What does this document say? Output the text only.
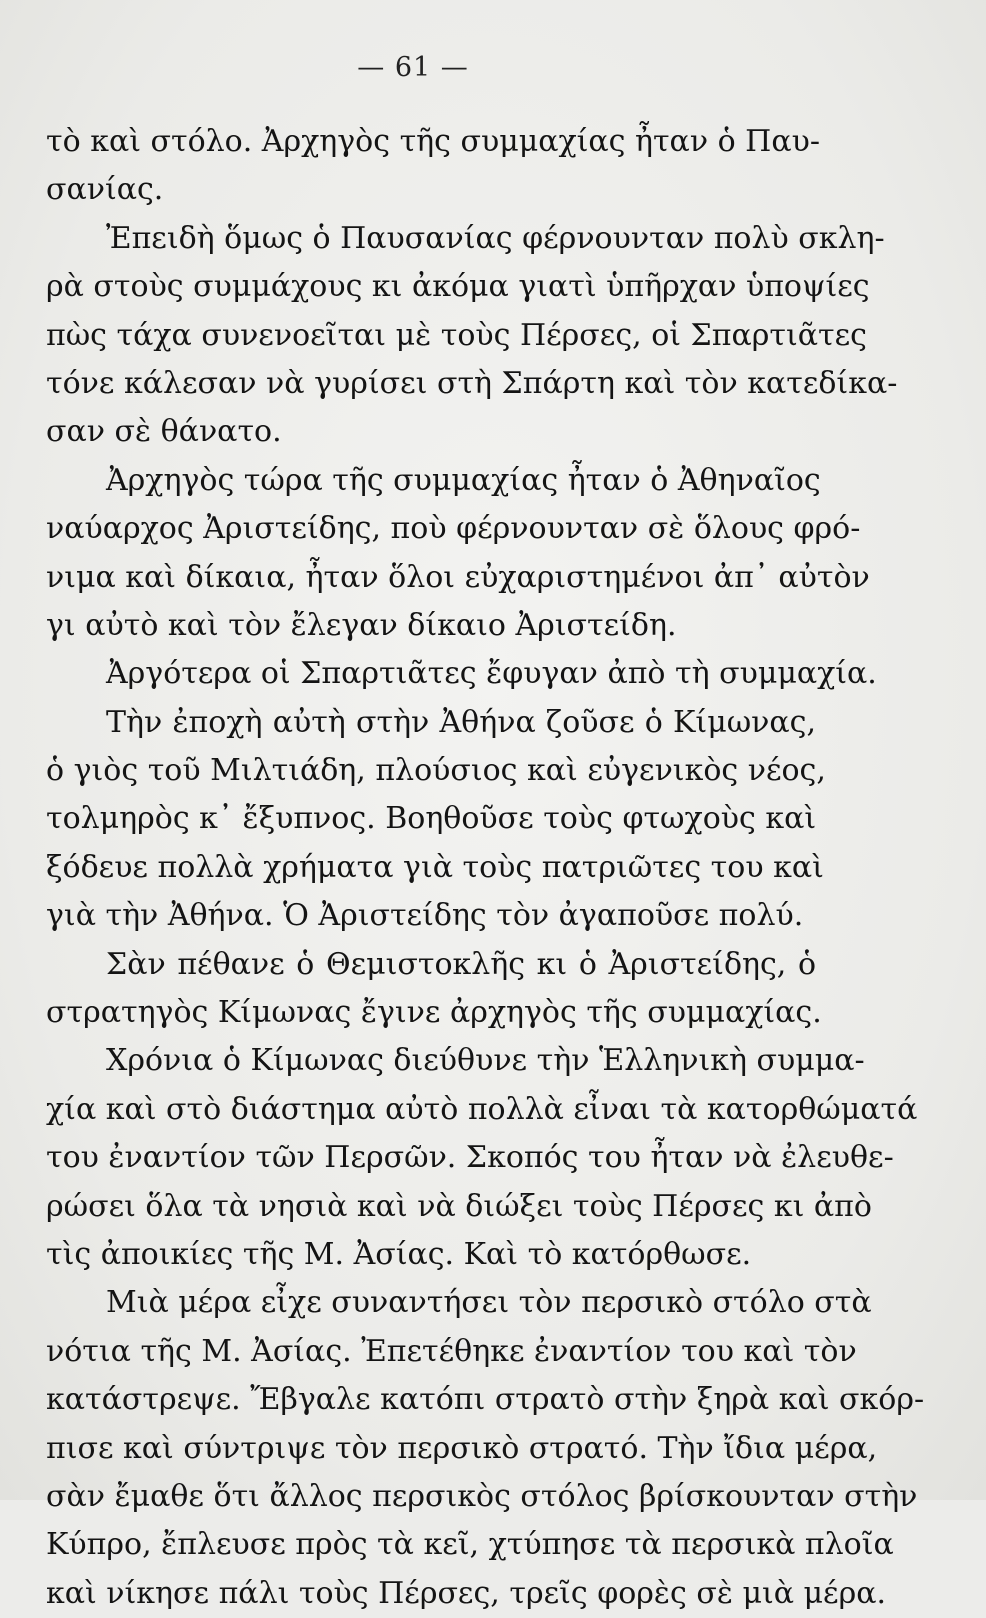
— 61 —
τὸ καὶ στόλο. Ἀρχηγὸς τῆς συμμαχίας ἦταν ὁ Παυ-
σανίας.
Ἐπειδὴ ὅμως ὁ Παυσανίας φέρνουνταν πολὺ σκλη-
ρὰ στοὺς συμμάχους κι ἀκόμα γιατὶ ὑπῆρχαν ὑποψίες
πὼς τάχα συνενοεῖται μὲ τοὺς Πέρσες, οἱ Σπαρτιᾶτες
τόνε κάλεσαν νὰ γυρίσει στὴ Σπάρτη καὶ τὸν κατεδίκα-
σαν σὲ θάνατο.
Ἀρχηγὸς τώρα τῆς συμμαχίας ἦταν ὁ Ἀθηναῖος
ναύαρχος Ἀριστείδης, ποὺ φέρνουνταν σὲ ὅλους φρό-
νιμα καὶ δίκαια, ἦταν ὅλοι εὐχαριστημένοι ἀπ᾽ αὐτὸν
γι αὐτὸ καὶ τὸν ἔλεγαν δίκαιο Ἀριστείδη.
Ἀργότερα οἱ Σπαρτιᾶτες ἔφυγαν ἀπὸ τὴ συμμαχία.
Τὴν ἐποχὴ αὐτὴ στὴν Ἀθήνα ζοῦσε ὁ Κίμωνας,
ὁ γιὸς τοῦ Μιλτιάδη, πλούσιος καὶ εὐγενικὸς νέος,
τολμηρὸς κ᾽ ἔξυπνος. Βοηθοῦσε τοὺς φτωχοὺς καὶ
ξόδευε πολλὰ χρήματα γιὰ τοὺς πατριῶτες του καὶ
γιὰ τὴν Ἀθήνα. Ὁ Ἀριστείδης τὸν ἀγαποῦσε πολύ.
Σὰν πέθανε ὁ Θεμιστοκλῆς κι ὁ Ἀριστείδης, ὁ
στρατηγὸς Κίμωνας ἔγινε ἀρχηγὸς τῆς συμμαχίας.
Χρόνια ὁ Κίμωνας διεύθυνε τὴν Ἑλληνικὴ συμμα-
χία καὶ στὸ διάστημα αὐτὸ πολλὰ εἶναι τὰ κατορθώματά
του ἐναντίον τῶν Περσῶν. Σκοπός του ἦταν νὰ ἐλευθε-
ρώσει ὅλα τὰ νησιὰ καὶ νὰ διώξει τοὺς Πέρσες κι ἀπὸ
τὶς ἀποικίες τῆς Μ. Ἀσίας. Καὶ τὸ κατόρθωσε.
Μιὰ μέρα εἶχε συναντήσει τὸν περσικὸ στόλο στὰ
νότια τῆς Μ. Ἀσίας. Ἐπετέθηκε ἐναντίον του καὶ τὸν
κατάστρεψε. Ἔβγαλε κατόπι στρατὸ στὴν ξηρὰ καὶ σκόρ-
πισε καὶ σύντριψε τὸν περσικὸ στρατό. Τὴν ἴδια μέρα,
σὰν ἔμαθε ὅτι ἄλλος περσικὸς στόλος βρίσκουνταν στὴν
Κύπρο, ἔπλευσε πρὸς τὰ κεῖ, χτύπησε τὰ περσικὰ πλοῖα
καὶ νίκησε πάλι τοὺς Πέρσες, τρεῖς φορὲς σὲ μιὰ μέρα.
